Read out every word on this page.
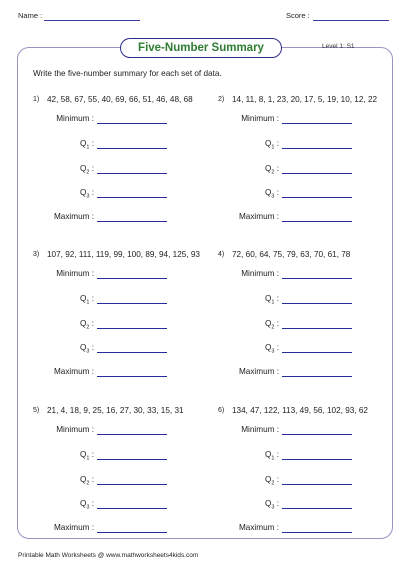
Name :	Score :
Five-Number Summary	Level 1: S1
Write the five-number summary for each set of data.
1) 42, 58, 67, 55, 40, 69, 66, 51, 46, 48, 68
Minimum :
$Q_1$ :
$Q_2$ :
$Q_3$ :
Maximum :
2) 14, 11, 8, 1, 23, 20, 17, 5, 19, 10, 12, 22
Minimum :
$Q_1$ :
$Q_2$ :
$Q_3$ :
Maximum :
3) 107, 92, 111, 119, 99, 100, 89, 94, 125, 93
Minimum :
$Q_1$ :
$Q_2$ :
$Q_3$ :
Maximum :
4) 72, 60, 64, 75, 79, 63, 70, 61, 78
Minimum :
$Q_1$ :
$Q_2$ :
$Q_3$ :
Maximum :
5) 21, 4, 18, 9, 25, 16, 27, 30, 33, 15, 31
Minimum :
$Q_1$ :
$Q_2$ :
$Q_3$ :
Maximum :
6) 134, 47, 122, 113, 49, 56, 102, 93, 62
Minimum :
$Q_1$ :
$Q_2$ :
$Q_3$ :
Maximum :
Printable Math Worksheets @ www.mathworksheets4kids.com
